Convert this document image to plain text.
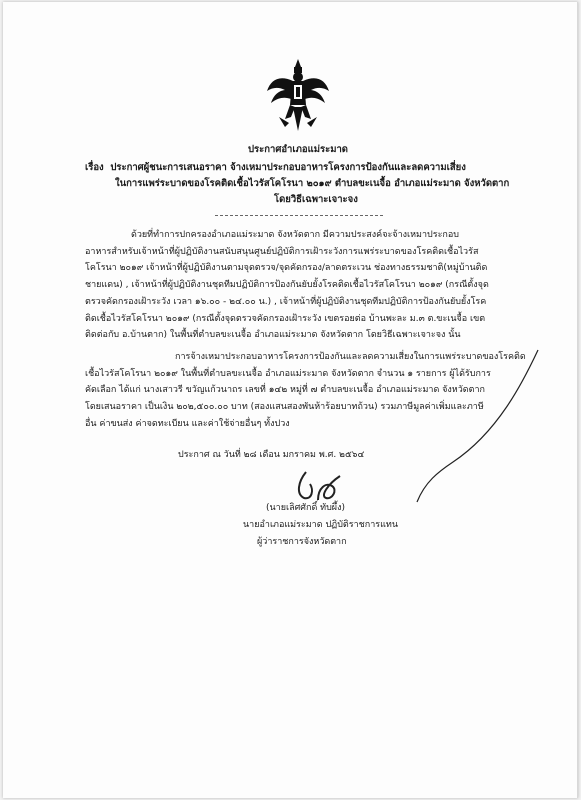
ประกาศอำเภอแม่ระมาด
เรื่อง ประกาศผู้ชนะการเสนอราคา จ้างเหมาประกอบอาหารโครงการป้องกันและลดความเสี่ยง
ในการแพร่ระบาดของโรคติดเชื้อไวรัสโคโรนา ๒๐๑๙ ตำบลขะเนจื้อ อำเภอแม่ระมาด จังหวัดตาก
โดยวิธีเฉพาะเจาะจง
ด้วยที่ทำการปกครองอำเภอแม่ระมาด จังหวัดตาก มีความประสงค์จะจ้างเหมาประกอบ
อาหารสำหรับเจ้าหน้าที่ผู้ปฏิบัติงานสนับสนุนศูนย์ปฏิบัติการเฝ้าระวังการแพร่ระบาดของโรคติดเชื้อไวรัส
โคโรนา ๒๐๑๙ เจ้าหน้าที่ผู้ปฏิบัติงานตามจุดตรวจ/จุดคัดกรอง/ลาดตระเวน ช่องทางธรรมชาติ(หมู่บ้านติด
ชายแดน) , เจ้าหน้าที่ผู้ปฏิบัติงานชุดทีมปฏิบัติการป้องกันยับยั้งโรคติดเชื้อไวรัสโคโรนา ๒๐๑๙ (กรณีตั้งจุด
ตรวจคัดกรองเฝ้าระวัง เวลา ๑๖.๐๐ - ๒๔.๐๐ น.) , เจ้าหน้าที่ผู้ปฏิบัติงานชุดทีมปฏิบัติการป้องกันยับยั้งโรค
ติดเชื้อไวรัสโคโรนา ๒๐๑๙ (กรณีตั้งจุดตรวจคัดกรองเฝ้าระวัง เขตรอยต่อ บ้านพะละ ม.๓ ต.ขะเนจื้อ เขต
ติดต่อกับ อ.บ้านตาก) ในพื้นที่ตำบลขะเนจื้อ อำเภอแม่ระมาด จังหวัดตาก โดยวิธีเฉพาะเจาะจง นั้น
การจ้างเหมาประกอบอาหารโครงการป้องกันและลดความเสี่ยงในการแพร่ระบาดของโรคติด
เชื้อไวรัสโคโรนา ๒๐๑๙ ในพื้นที่ตำบลขะเนจื้อ อำเภอแม่ระมาด จังหวัดตาก จำนวน ๑ รายการ ผู้ได้รับการ
คัดเลือก ได้แก่ นางเสาวรี ขวัญแก้วนาถร เลขที่ ๑๔๒ หมู่ที่ ๗ ตำบลขะเนจื้อ อำเภอแม่ระมาด จังหวัดตาก
โดยเสนอราคา เป็นเงิน ๒๐๒,๕๐๐.๐๐ บาท (สองแสนสองพันห้าร้อยบาทถ้วน) รวมภาษีมูลค่าเพิ่มและภาษี
อื่น ค่าขนส่ง ค่าจดทะเบียน และค่าใช้จ่ายอื่นๆ ทั้งปวง
ประกาศ ณ วันที่ ๒๘ เดือน มกราคม พ.ศ. ๒๕๖๔
(นายเลิศศักดิ์ ทับผึ้ง)
นายอำเภอแม่ระมาด ปฏิบัติราชการแทน
ผู้ว่าราชการจังหวัดตาก
